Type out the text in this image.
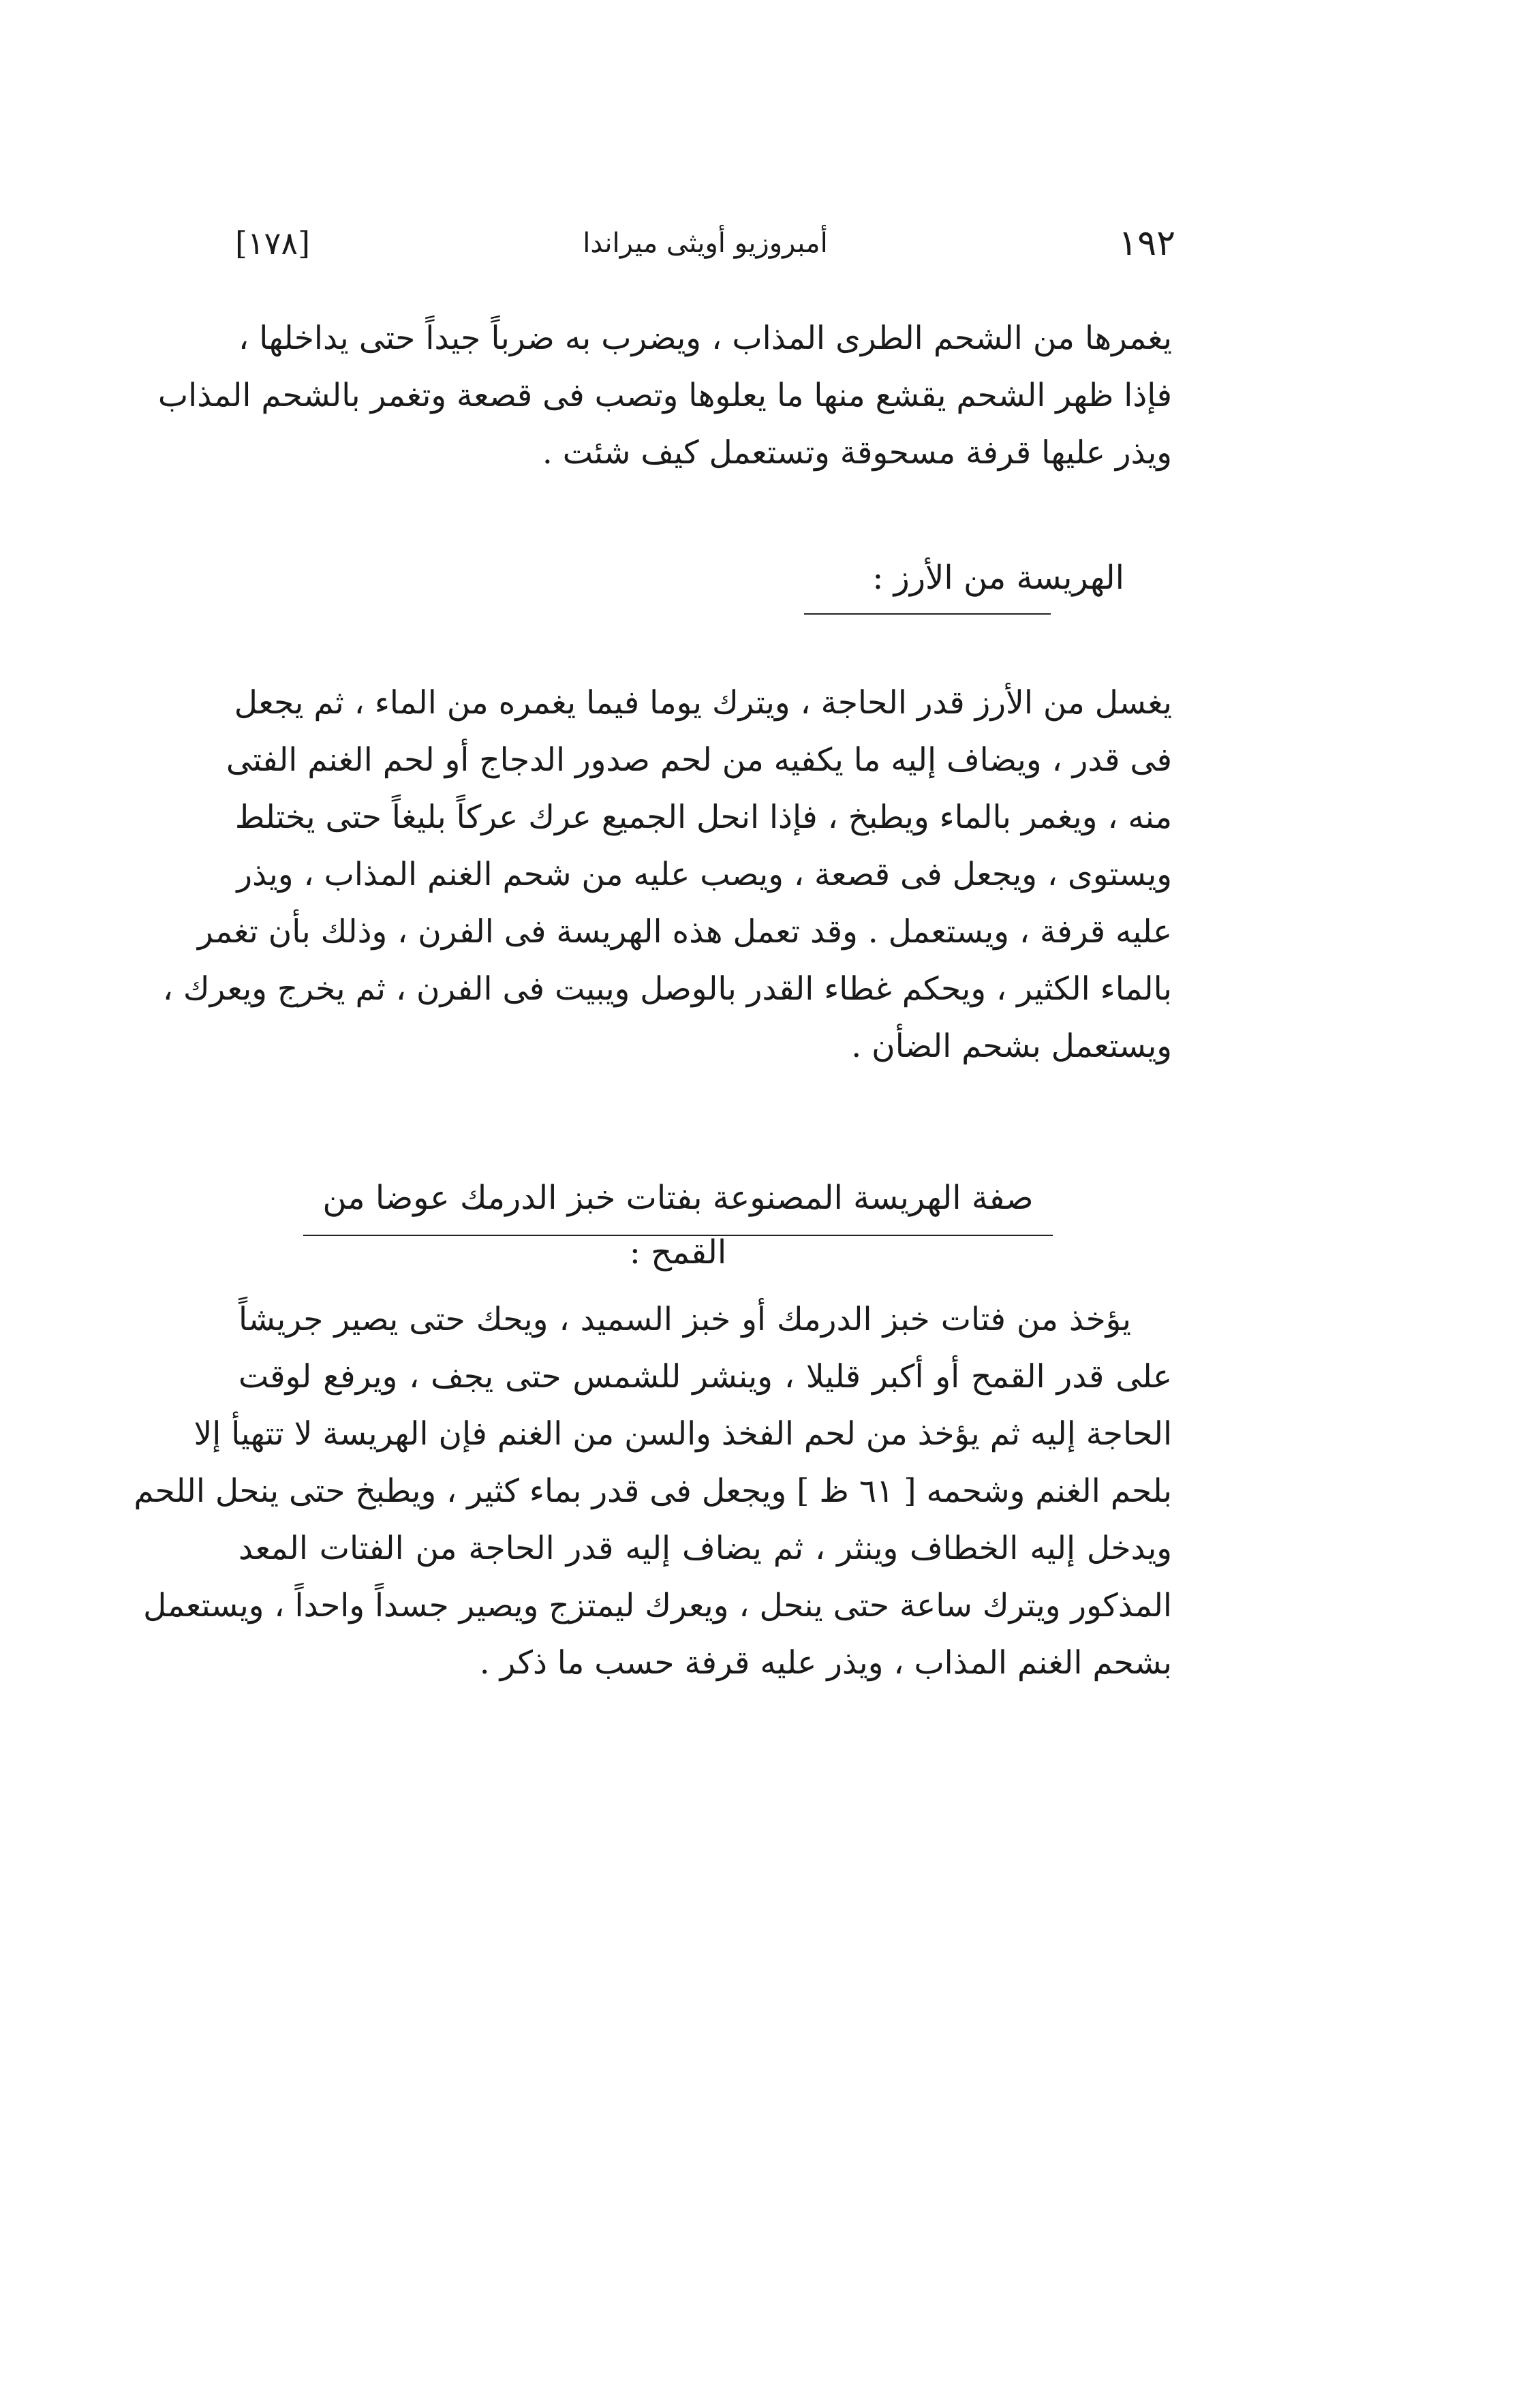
١٩٢
أمبروزيو أويثى ميراندا
[١٧٨]
يغمرها من الشحم الطرى المذاب ، ويضرب به ضرباً جيداً حتى يداخلها ،
فإذا ظهر الشحم يقشع منها ما يعلوها وتصب فى قصعة وتغمر بالشحم المذاب
ويذر عليها قرفة مسحوقة وتستعمل كيف شئت .
الهريسة من الأرز :
يغسل من الأرز قدر الحاجة ، ويترك يوما فيما يغمره من الماء ، ثم يجعل
فى قدر ، ويضاف إليه ما يكفيه من لحم صدور الدجاج أو لحم الغنم الفتى
منه ، ويغمر بالماء ويطبخ ، فإذا انحل الجميع عرك عركاً بليغاً حتى يختلط
ويستوى ، ويجعل فى قصعة ، ويصب عليه من شحم الغنم المذاب ، ويذر
عليه قرفة ، ويستعمل . وقد تعمل هذه الهريسة فى الفرن ، وذلك بأن تغمر
بالماء الكثير ، ويحكم غطاء القدر بالوصل ويبيت فى الفرن ، ثم يخرج ويعرك ،
ويستعمل بشحم الضأن .
صفة الهريسة المصنوعة بفتات خبز الدرمك عوضا من القمح :
يؤخذ من فتات خبز الدرمك أو خبز السميد ، ويحك حتى يصير جريشاً
على قدر القمح أو أكبر قليلا ، وينشر للشمس حتى يجف ، ويرفع لوقت
الحاجة إليه ثم يؤخذ من لحم الفخذ والسن من الغنم فإن الهريسة لا تتهيأ إلا
بلحم الغنم وشحمه [ ٦١ ظ ] ويجعل فى قدر بماء كثير ، ويطبخ حتى ينحل اللحم
ويدخل إليه الخطاف وينثر ، ثم يضاف إليه قدر الحاجة من الفتات المعد
المذكور ويترك ساعة حتى ينحل ، ويعرك ليمتزج ويصير جسداً واحداً ، ويستعمل
بشحم الغنم المذاب ، ويذر عليه قرفة حسب ما ذكر .
